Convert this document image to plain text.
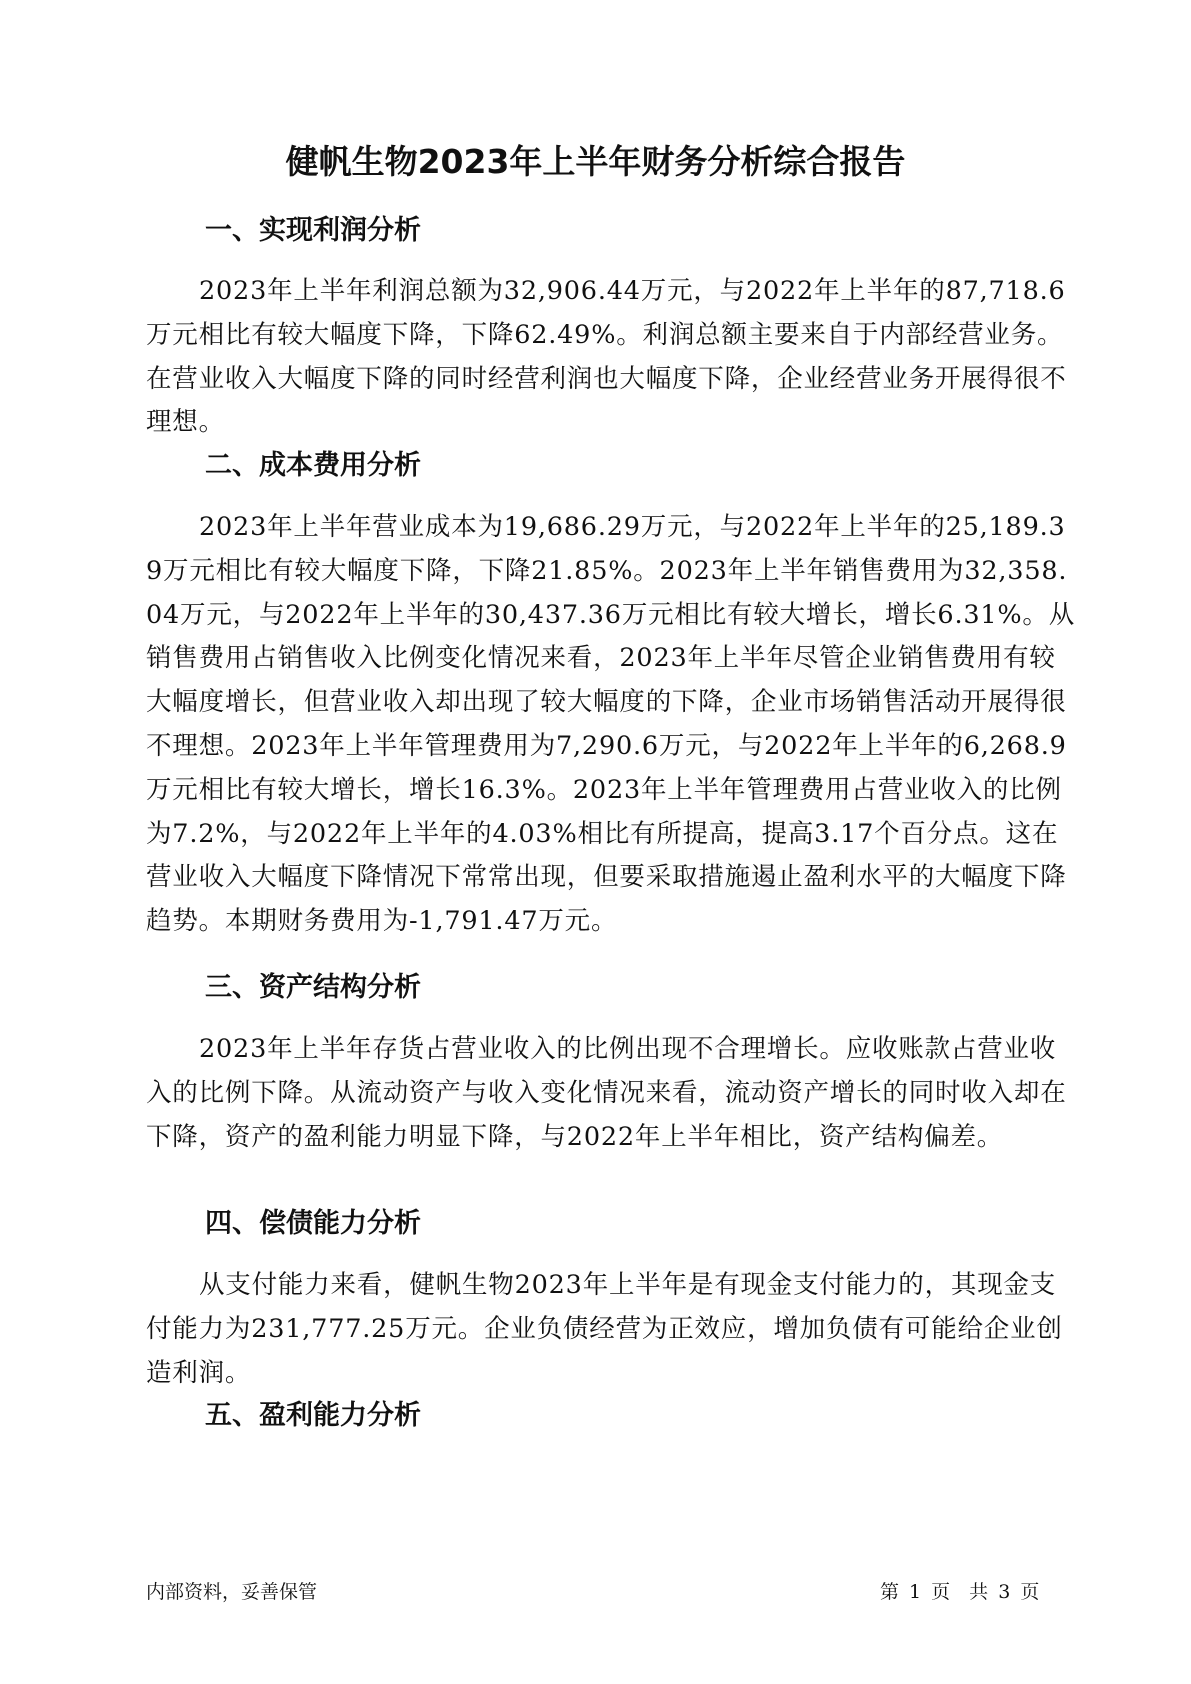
健帆生物2023年上半年财务分析综合报告
一、实现利润分析

2023年上半年利润总额为32,906.44万元，与2022年上半年的87,718.6万元相比有较大幅度下降，下降62.49%。利润总额主要来自于内部经营业务。在营业收入大幅度下降的同时经营利润也大幅度下降，企业经营业务开展得很不理想。

二、成本费用分析

2023年上半年营业成本为19,686.29万元，与2022年上半年的25,189.39万元相比有较大幅度下降，下降21.85%。2023年上半年销售费用为32,358.04万元，与2022年上半年的30,437.36万元相比有较大增长，增长6.31%。从销售费用占销售收入比例变化情况来看，2023年上半年尽管企业销售费用有较大幅度增长，但营业收入却出现了较大幅度的下降，企业市场销售活动开展得很不理想。2023年上半年管理费用为7,290.6万元，与2022年上半年的6,268.9万元相比有较大增长，增长16.3%。2023年上半年管理费用占营业收入的比例为7.2%，与2022年上半年的4.03%相比有所提高，提高3.17个百分点。这在营业收入大幅度下降情况下常常出现，但要采取措施遏止盈利水平的大幅度下降趋势。本期财务费用为-1,791.47万元。

三、资产结构分析

2023年上半年存货占营业收入的比例出现不合理增长。应收账款占营业收入的比例下降。从流动资产与收入变化情况来看，流动资产增长的同时收入却在下降，资产的盈利能力明显下降，与2022年上半年相比，资产结构偏差。

四、偿债能力分析

从支付能力来看，健帆生物2023年上半年是有现金支付能力的，其现金支付能力为231,777.25万元。企业负债经营为正效应，增加负债有可能给企业创造利润。

五、盈利能力分析
内部资料，妥善保管	第 1 页　共 3 页
